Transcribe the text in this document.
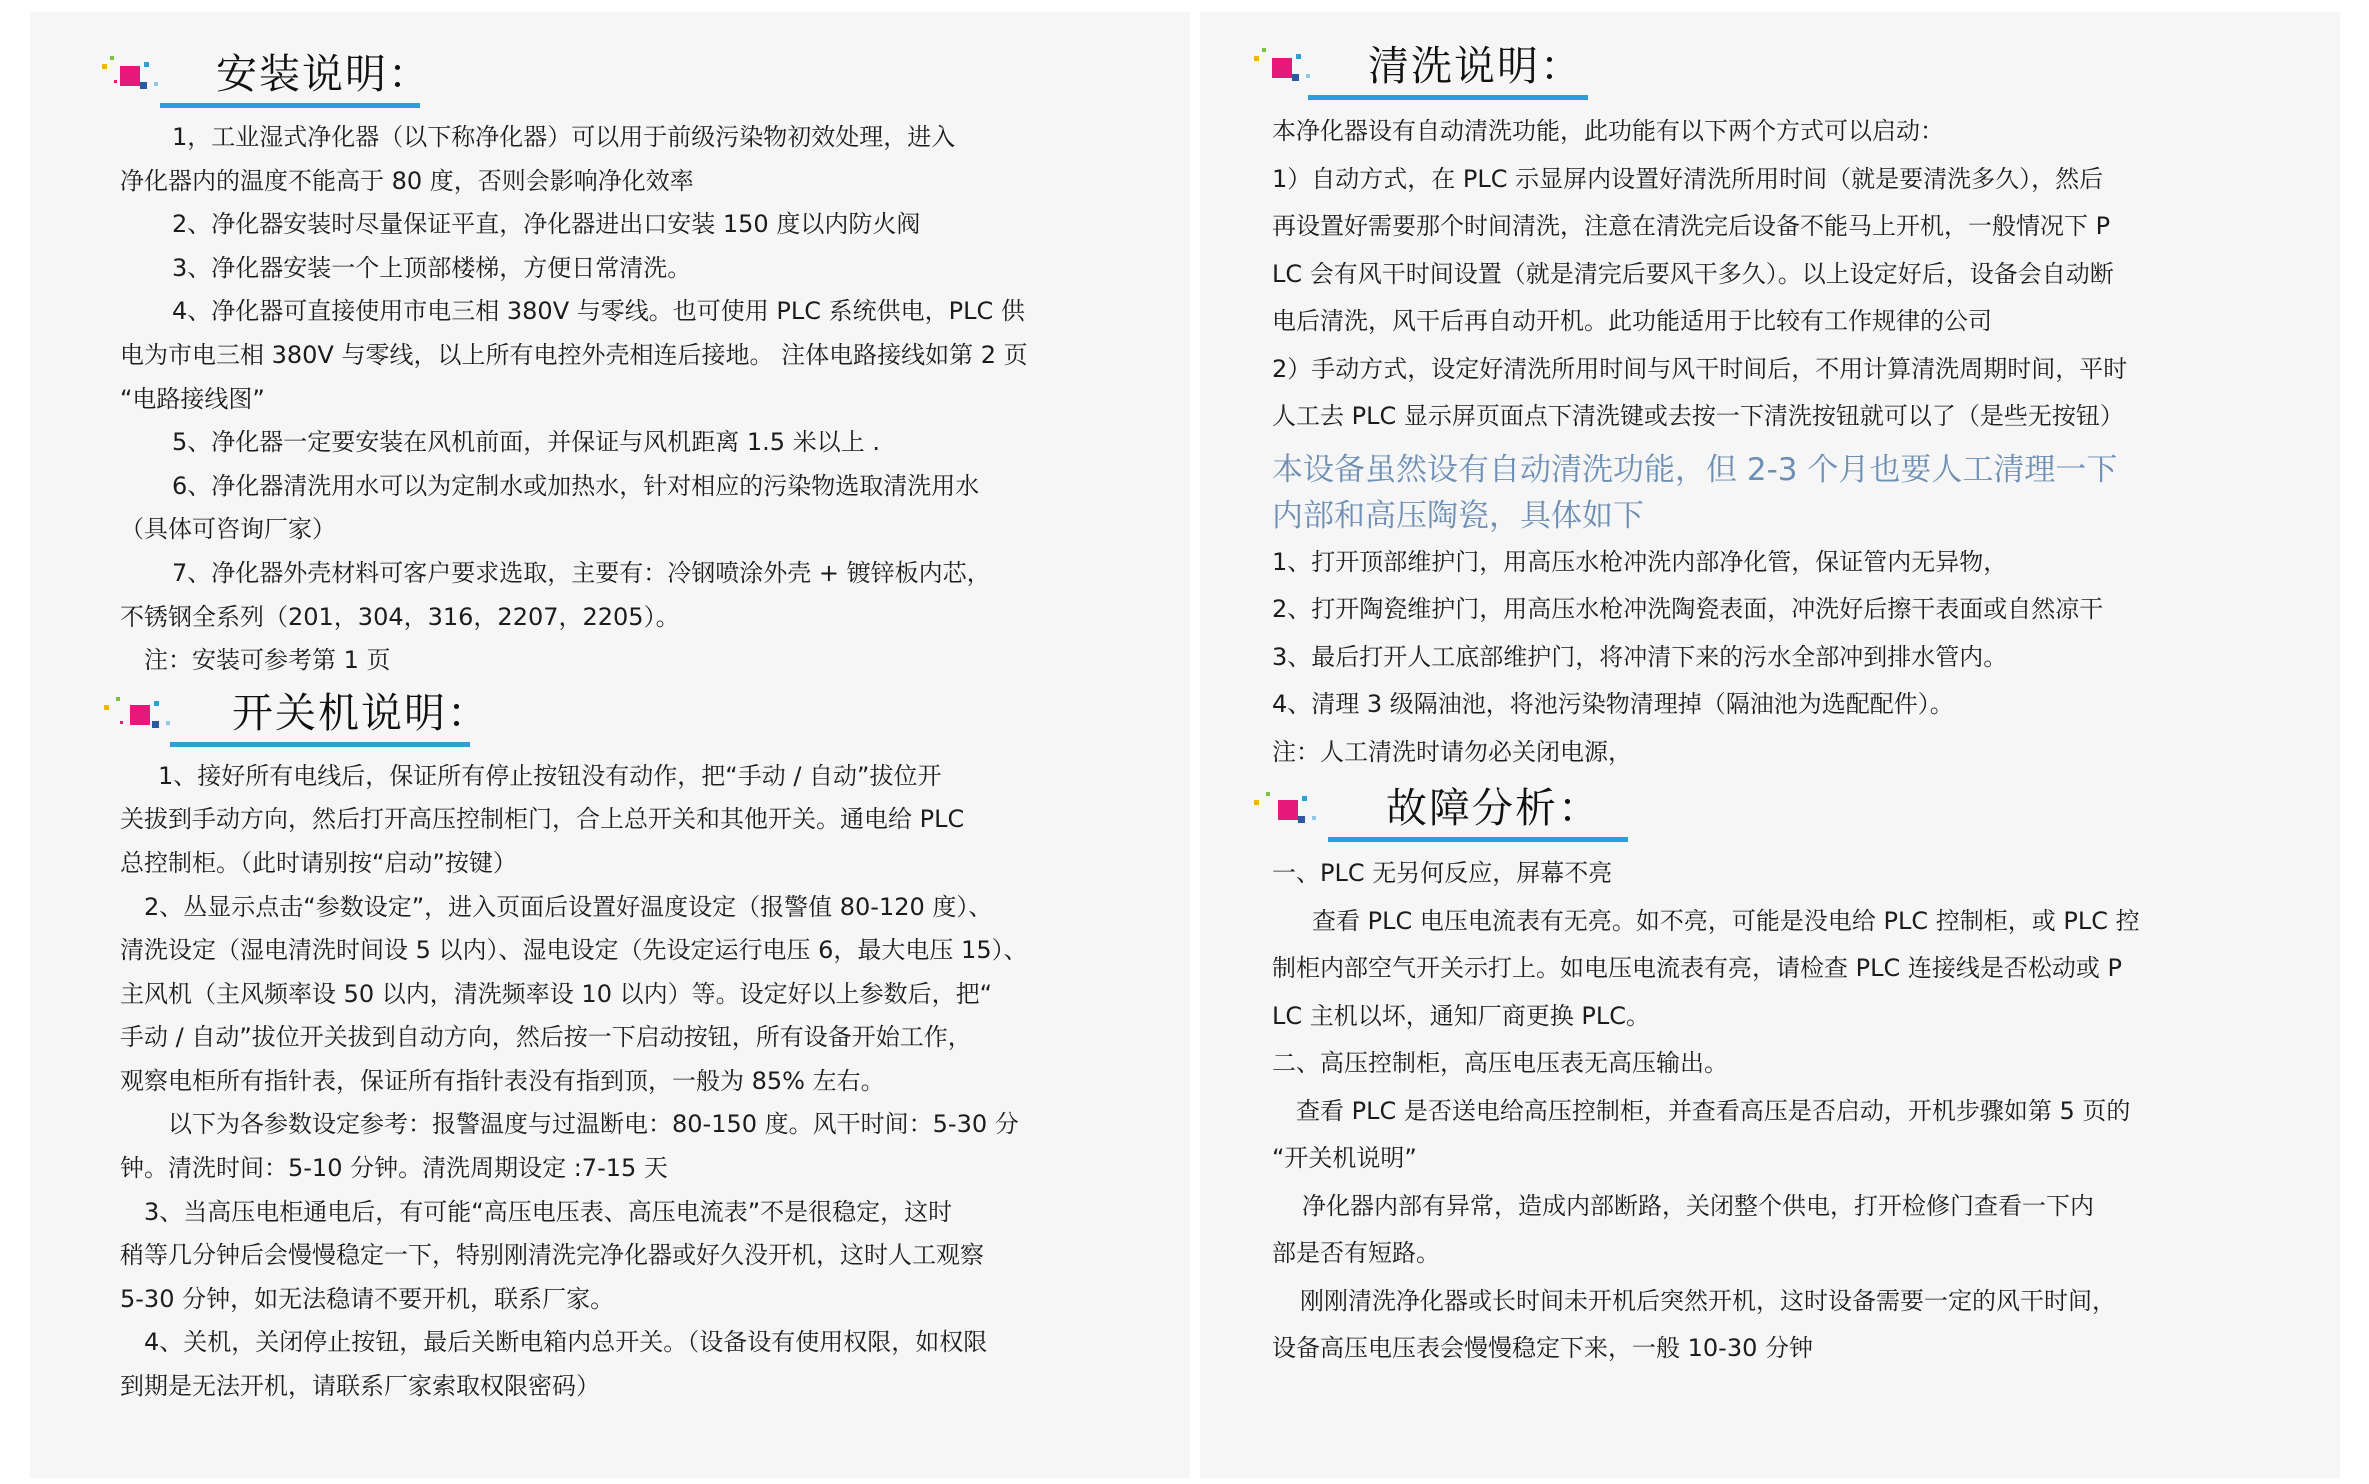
安装说明：

1，工业湿式净化器（以下称净化器）可以用于前级污染物初效处理，进入

净化器内的温度不能高于 80 度，否则会影响净化效率

2、净化器安装时尽量保证平直，净化器进出口安装 150 度以内防火阀

3、净化器安装一个上顶部楼梯，方便日常清洗。

4、净化器可直接使用市电三相 380V 与零线。也可使用 PLC 系统供电，PLC 供

电为市电三相 380V 与零线，以上所有电控外壳相连后接地。 注体电路接线如第 2 页

“电路接线图”

5、净化器一定要安装在风机前面，并保证与风机距离 1.5 米以上 .

6、净化器清洗用水可以为定制水或加热水，针对相应的污染物选取清洗用水

（具体可咨询厂家）

7、净化器外壳材料可客户要求选取，主要有：冷钢喷涂外壳 + 镀锌板内芯，

不锈钢全系列（201，304，316，2207，2205）。

注：安装可参考第 1 页

开关机说明：

1、接好所有电线后，保证所有停止按钮没有动作，把“手动 / 自动”拔位开

关拔到手动方向，然后打开高压控制柜门，合上总开关和其他开关。通电给 PLC

总控制柜。（此时请别按“启动”按键）

2、丛显示点击“参数设定”，进入页面后设置好温度设定（报警值 80-120 度）、

清洗设定（湿电清洗时间设 5 以内）、湿电设定（先设定运行电压 6，最大电压 15）、

主风机（主风频率设 50 以内，清洗频率设 10 以内）等。设定好以上参数后，把“

手动 / 自动”拔位开关拔到自动方向，然后按一下启动按钮，所有设备开始工作，

观察电柜所有指针表，保证所有指针表没有指到顶，一般为 85% 左右。

以下为各参数设定参考：报警温度与过温断电：80-150 度。风干时间：5-30 分

钟。清洗时间：5-10 分钟。清洗周期设定 :7-15 天

3、当高压电柜通电后，有可能“高压电压表、高压电流表”不是很稳定，这时

稍等几分钟后会慢慢稳定一下，特别刚清洗完净化器或好久没开机，这时人工观察

5-30 分钟，如无法稳请不要开机，联系厂家。

4、关机，关闭停止按钮，最后关断电箱内总开关。（设备设有使用权限，如权限

到期是无法开机，请联系厂家索取权限密码）

清洗说明：

本净化器设有自动清洗功能，此功能有以下两个方式可以启动：

1）自动方式，在 PLC 示显屏内设置好清洗所用时间（就是要清洗多久），然后

再设置好需要那个时间清洗，注意在清洗完后设备不能马上开机，一般情况下 P

LC 会有风干时间设置（就是清完后要风干多久）。以上设定好后，设备会自动断

电后清洗，风干后再自动开机。此功能适用于比较有工作规律的公司

2）手动方式，设定好清洗所用时间与风干时间后，不用计算清洗周期时间，平时

人工去 PLC 显示屏页面点下清洗键或去按一下清洗按钮就可以了（是些无按钮）

本设备虽然设有自动清洗功能，但 2-3 个月也要人工清理一下

内部和高压陶瓷，具体如下

1、打开顶部维护门，用高压水枪冲洗内部净化管，保证管内无异物，

2、打开陶瓷维护门，用高压水枪冲洗陶瓷表面，冲洗好后擦干表面或自然凉干

3、最后打开人工底部维护门，将冲清下来的污水全部冲到排水管内。

4、清理 3 级隔油池，将池污染物清理掉（隔油池为选配配件）。

注：人工清洗时请勿必关闭电源，

故障分析：

一、PLC 无另何反应，屏幕不亮

查看 PLC 电压电流表有无亮。如不亮，可能是没电给 PLC 控制柜，或 PLC 控

制柜内部空气开关示打上。如电压电流表有亮，请检查 PLC 连接线是否松动或 P

LC 主机以坏，通知厂商更换 PLC。

二、高压控制柜，高压电压表无高压输出。

查看 PLC 是否送电给高压控制柜，并查看高压是否启动，开机步骤如第 5 页的

“开关机说明”

净化器内部有异常，造成内部断路，关闭整个供电，打开检修门查看一下内

部是否有短路。

刚刚清洗净化器或长时间未开机后突然开机，这时设备需要一定的风干时间，

设备高压电压表会慢慢稳定下来，一般 10-30 分钟
